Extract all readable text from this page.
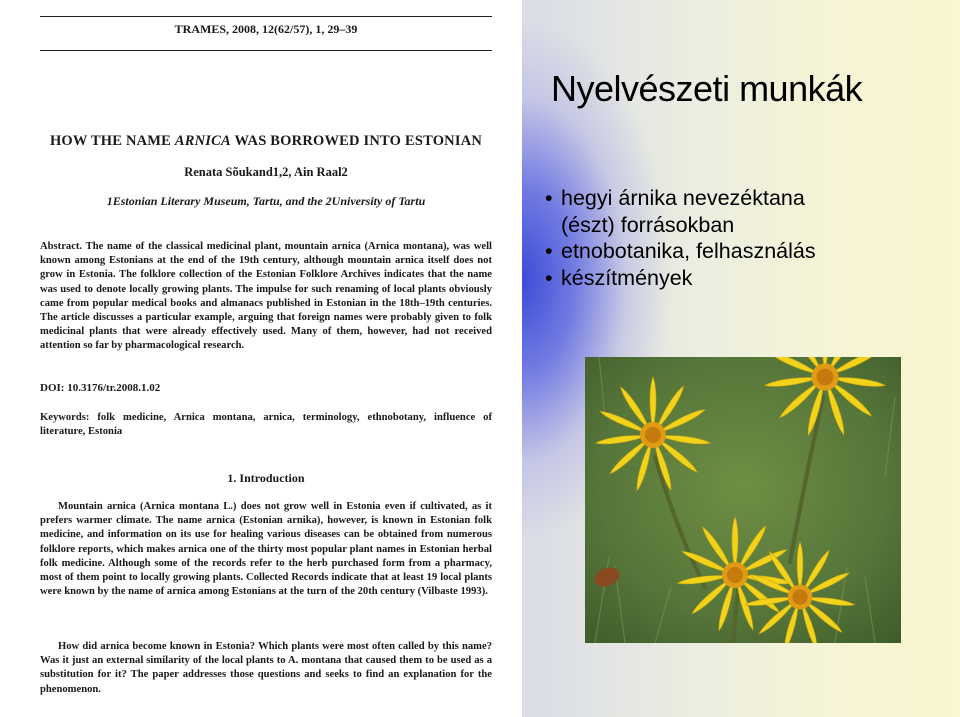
TRAMES, 2008, 12(62/57), 1, 29–39
HOW THE NAME ARNICA WAS BORROWED INTO ESTONIAN
Renata Sõukand1,2, Ain Raal2
1Estonian Literary Museum, Tartu, and the 2University of Tartu
Abstract. The name of the classical medicinal plant, mountain arnica (Arnica montana), was well known among Estonians at the end of the 19th century, although mountain arnica itself does not grow in Estonia. The folklore collection of the Estonian Folklore Archives indicates that the name was used to denote locally growing plants. The impulse for such renaming of local plants obviously came from popular medical books and almanacs published in Estonian in the 18th–19th centuries. The article discusses a particular example, arguing that foreign names were probably given to folk medicinal plants that were already effectively used. Many of them, however, had not received attention so far by pharmacological research.
DOI: 10.3176/tr.2008.1.02
Keywords: folk medicine, Arnica montana, arnica, terminology, ethnobotany, influence of literature, Estonia
1. Introduction
Mountain arnica (Arnica montana L.) does not grow well in Estonia even if cultivated, as it prefers warmer climate. The name arnica (Estonian arnika), however, is known in Estonian folk medicine, and information on its use for healing various diseases can be obtained from numerous folklore reports, which makes arnica one of the thirty most popular plant names in Estonian herbal folk medicine. Although some of the records refer to the herb purchased form from a pharmacy, most of them point to locally growing plants. Collected Records indicate that at least 19 local plants were known by the name of arnica among Estonians at the turn of the 20th century (Vilbaste 1993).
How did arnica become known in Estonia? Which plants were most often called by this name? Was it just an external similarity of the local plants to A. montana that caused them to be used as a substitution for it? The paper addresses those questions and seeks to find an explanation for the phenomenon.
Nyelvészeti munkák
• hegyi árnika nevezéktana
(észt) forrásokban
• etnobotanika, felhasználás
• készítmények
